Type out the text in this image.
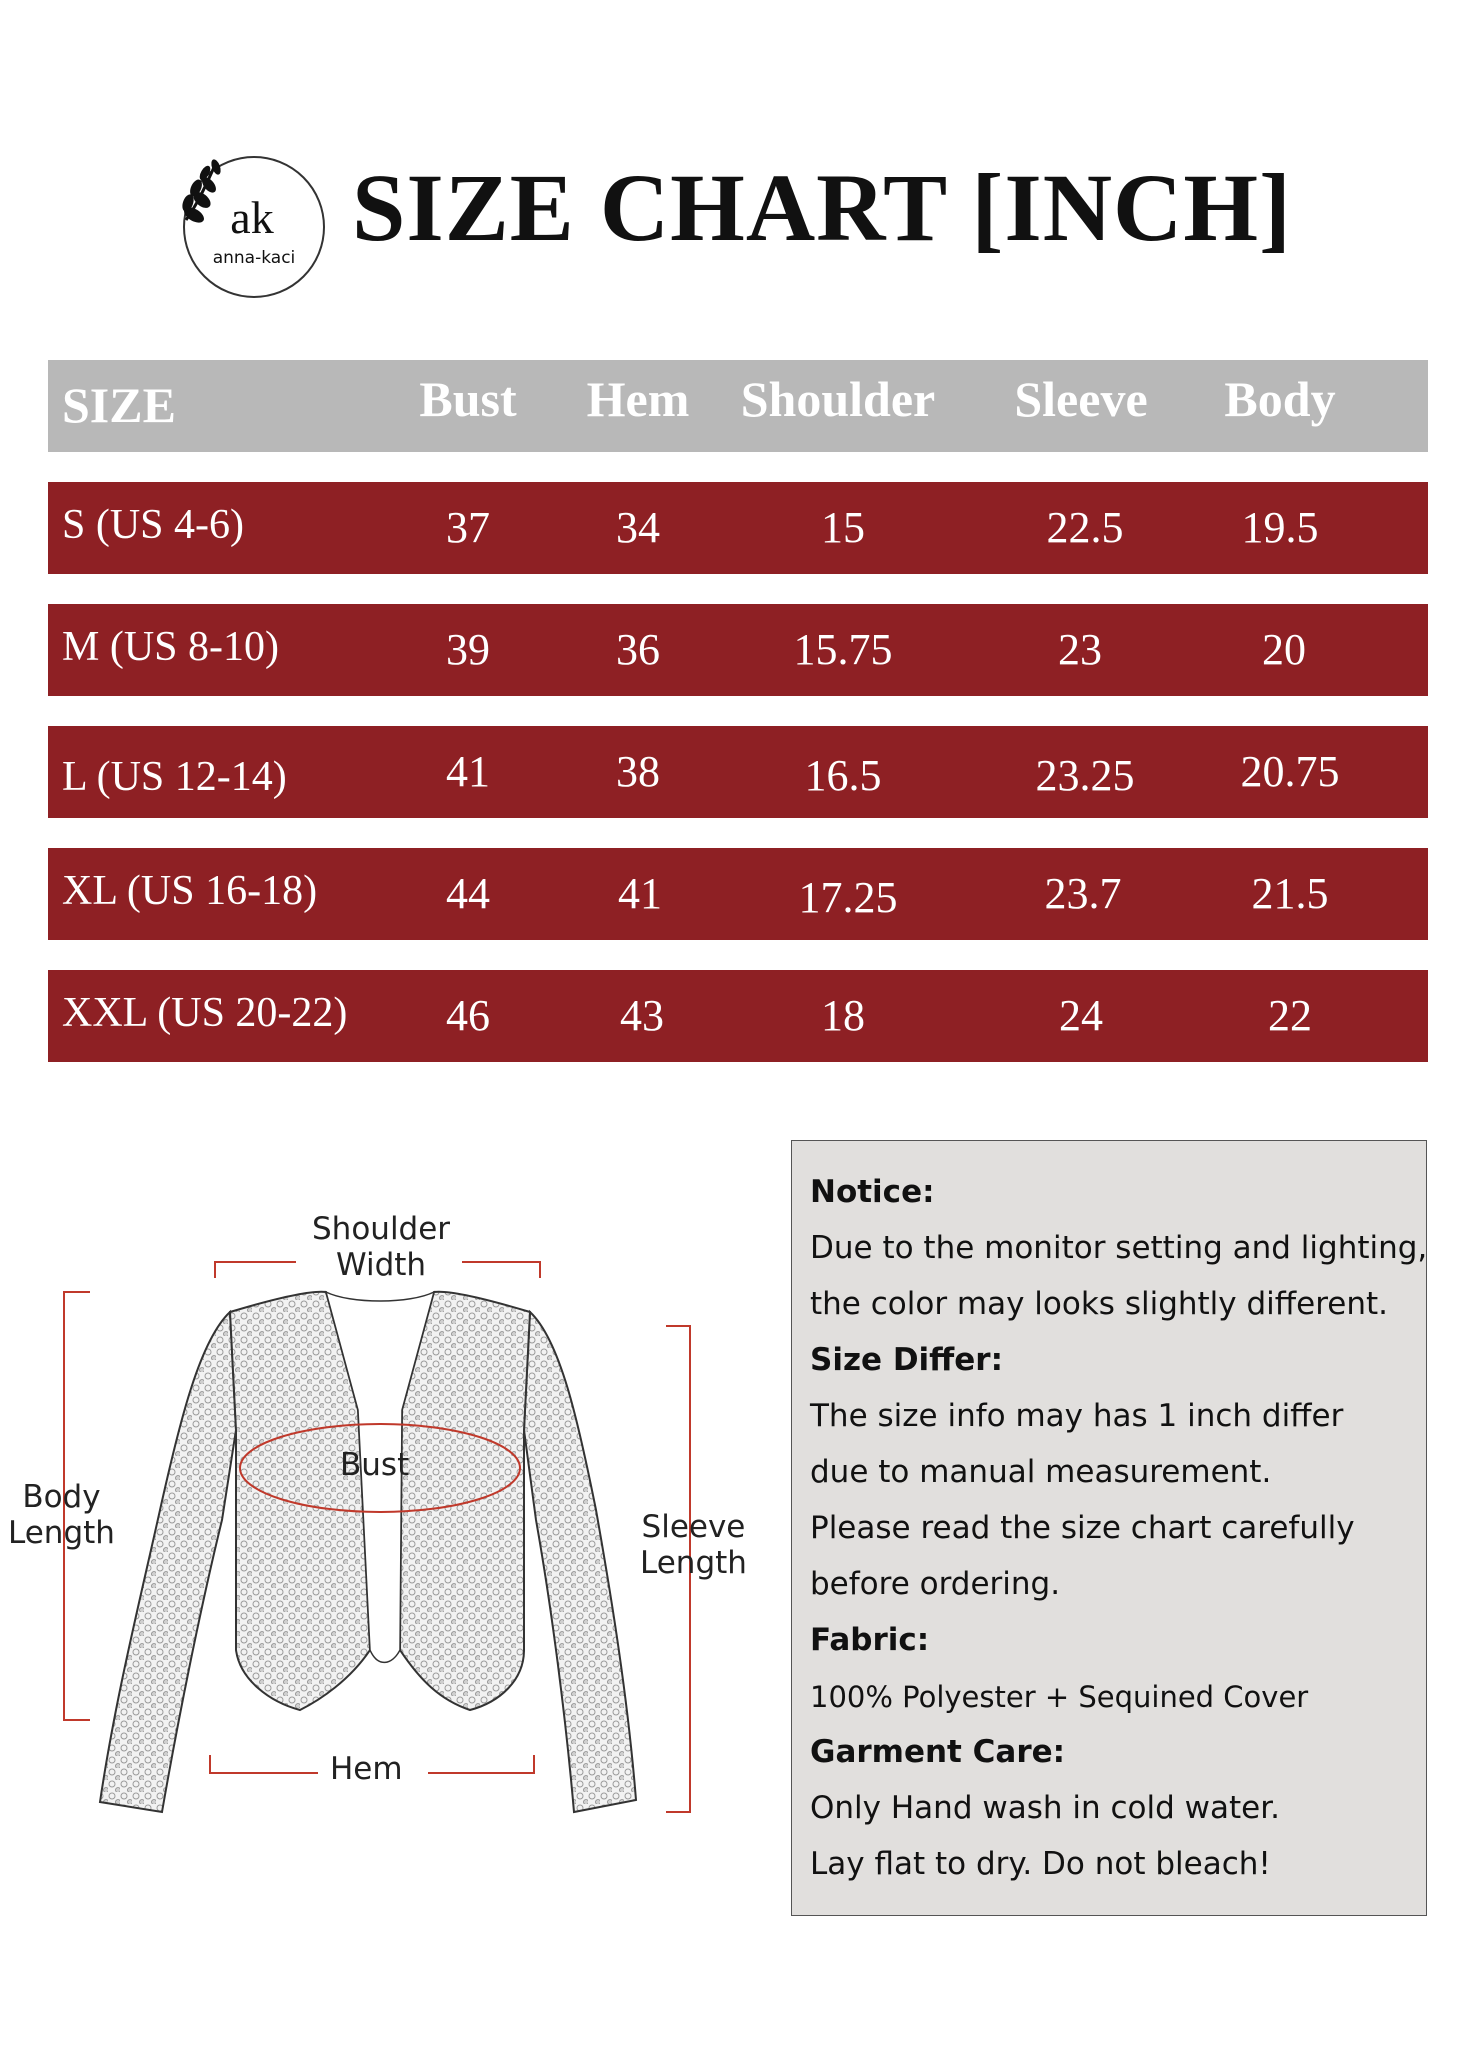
ak
anna-kaci SIZE CHART [INCH]
SIZE	Bust Hem Shoulder Sleeve Body
S (US 4-6)	37	34	15	22.5	19.5
M (US 8-10)	39	36	15.75	23	20
L (US 12-14)	41	38	16.5	23.25 20.75
XL (US 16-18)	44	41	17.25	23.7	21.5
XXL (US 20-22) 46	43	18	24	22
Shoulder
Width
Bust
Body
Length	Sleeve
Length
Hem
Notice:
Due to the monitor setting and lighting,
the color may looks slightly different.
Size Differ:
The size info may has 1 inch differ
due to manual measurement.
Please read the size chart carefully
before ordering.
Fabric:
100% Polyester + Sequined Cover
Garment Care:
Only Hand wash in cold water.
Lay flat to dry. Do not bleach!
